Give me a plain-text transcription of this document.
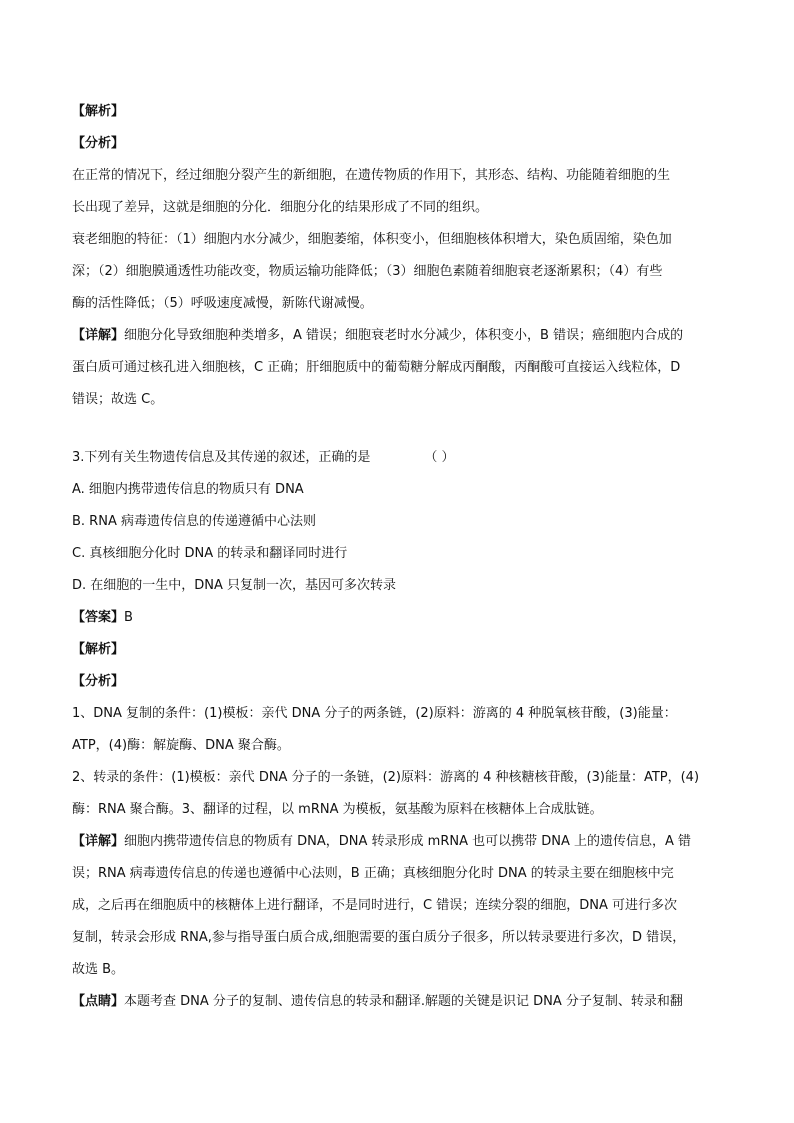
【解析】

【分析】

在正常的情况下，经过细胞分裂产生的新细胞，在遗传物质的作用下，其形态、结构、功能随着细胞的生

长出现了差异，这就是细胞的分化．细胞分化的结果形成了不同的组织。

衰老细胞的特征：（1）细胞内水分减少，细胞萎缩，体积变小，但细胞核体积增大，染色质固缩，染色加

深；（2）细胞膜通透性功能改变，物质运输功能降低；（3）细胞色素随着细胞衰老逐渐累积；（4）有些

酶的活性降低；（5）呼吸速度减慢，新陈代谢减慢。

【详解】细胞分化导致细胞种类增多，A 错误；细胞衰老时水分减少，体积变小，B 错误；癌细胞内合成的

蛋白质可通过核孔进入细胞核，C 正确；肝细胞质中的葡萄糖分解成丙酮酸，丙酮酸可直接运入线粒体，D

错误；故选 C。

3.下列有关生物遗传信息及其传递的叙述，正确的是	（ ）

A. 细胞内携带遗传信息的物质只有 DNA

B. RNA 病毒遗传信息的传递遵循中心法则

C. 真核细胞分化时 DNA 的转录和翻译同时进行

D. 在细胞的一生中，DNA 只复制一次，基因可多次转录

【答案】B

【解析】

【分析】

1、DNA 复制的条件：(1)模板：亲代 DNA 分子的两条链，(2)原料：游离的 4 种脱氧核苷酸，(3)能量：

ATP，(4)酶：解旋酶、DNA 聚合酶。

2、转录的条件：(1)模板：亲代 DNA 分子的一条链，(2)原料：游离的 4 种核糖核苷酸，(3)能量：ATP，(4)

酶：RNA 聚合酶。3、翻译的过程，以 mRNA 为模板，氨基酸为原料在核糖体上合成肽链。

【详解】细胞内携带遗传信息的物质有 DNA，DNA 转录形成 mRNA 也可以携带 DNA 上的遗传信息，A 错

误；RNA 病毒遗传信息的传递也遵循中心法则，B 正确；真核细胞分化时 DNA 的转录主要在细胞核中完

成，之后再在细胞质中的核糖体上进行翻译，不是同时进行，C 错误；连续分裂的细胞，DNA 可进行多次

复制，转录会形成 RNA,参与指导蛋白质合成,细胞需要的蛋白质分子很多，所以转录要进行多次，D 错误，

故选 B。

【点睛】本题考查 DNA 分子的复制、遗传信息的转录和翻译.解题的关键是识记 DNA 分子复制、转录和翻
